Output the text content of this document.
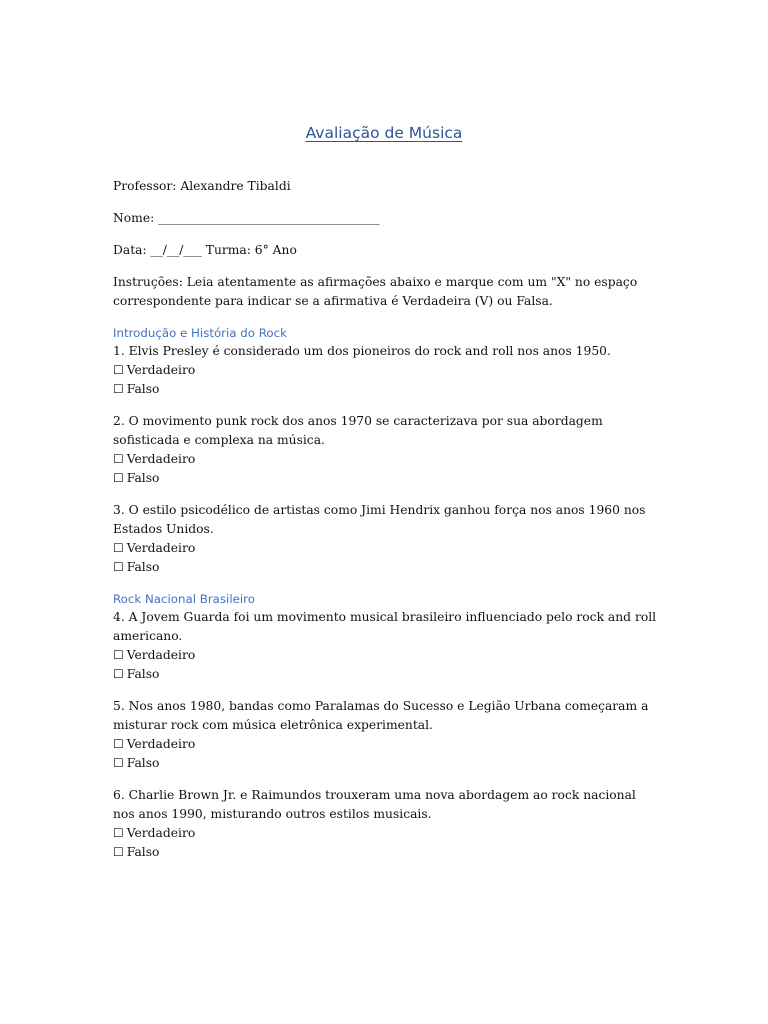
Avaliação de Música

Professor: Alexandre Tibaldi

Nome: ____________________________________

Data: __/__/___ Turma: 6° Ano

Instruções: Leia atentamente as afirmações abaixo e marque com um "X" no espaço correspondente para indicar se a afirmativa é Verdadeira (V) ou Falsa.

Introdução e História do Rock

1. Elvis Presley é considerado um dos pioneiros do rock and roll nos anos 1950.

☐ Verdadeiro

☐ Falso

2. O movimento punk rock dos anos 1970 se caracterizava por sua abordagem sofisticada e complexa na música.

☐ Verdadeiro

☐ Falso

3. O estilo psicodélico de artistas como Jimi Hendrix ganhou força nos anos 1960 nos Estados Unidos.

☐ Verdadeiro

☐ Falso

Rock Nacional Brasileiro

4. A Jovem Guarda foi um movimento musical brasileiro influenciado pelo rock and roll americano.

☐ Verdadeiro

☐ Falso

5. Nos anos 1980, bandas como Paralamas do Sucesso e Legião Urbana começaram a misturar rock com música eletrônica experimental.

☐ Verdadeiro

☐ Falso

6. Charlie Brown Jr. e Raimundos trouxeram uma nova abordagem ao rock nacional nos anos 1990, misturando outros estilos musicais.

☐ Verdadeiro

☐ Falso
